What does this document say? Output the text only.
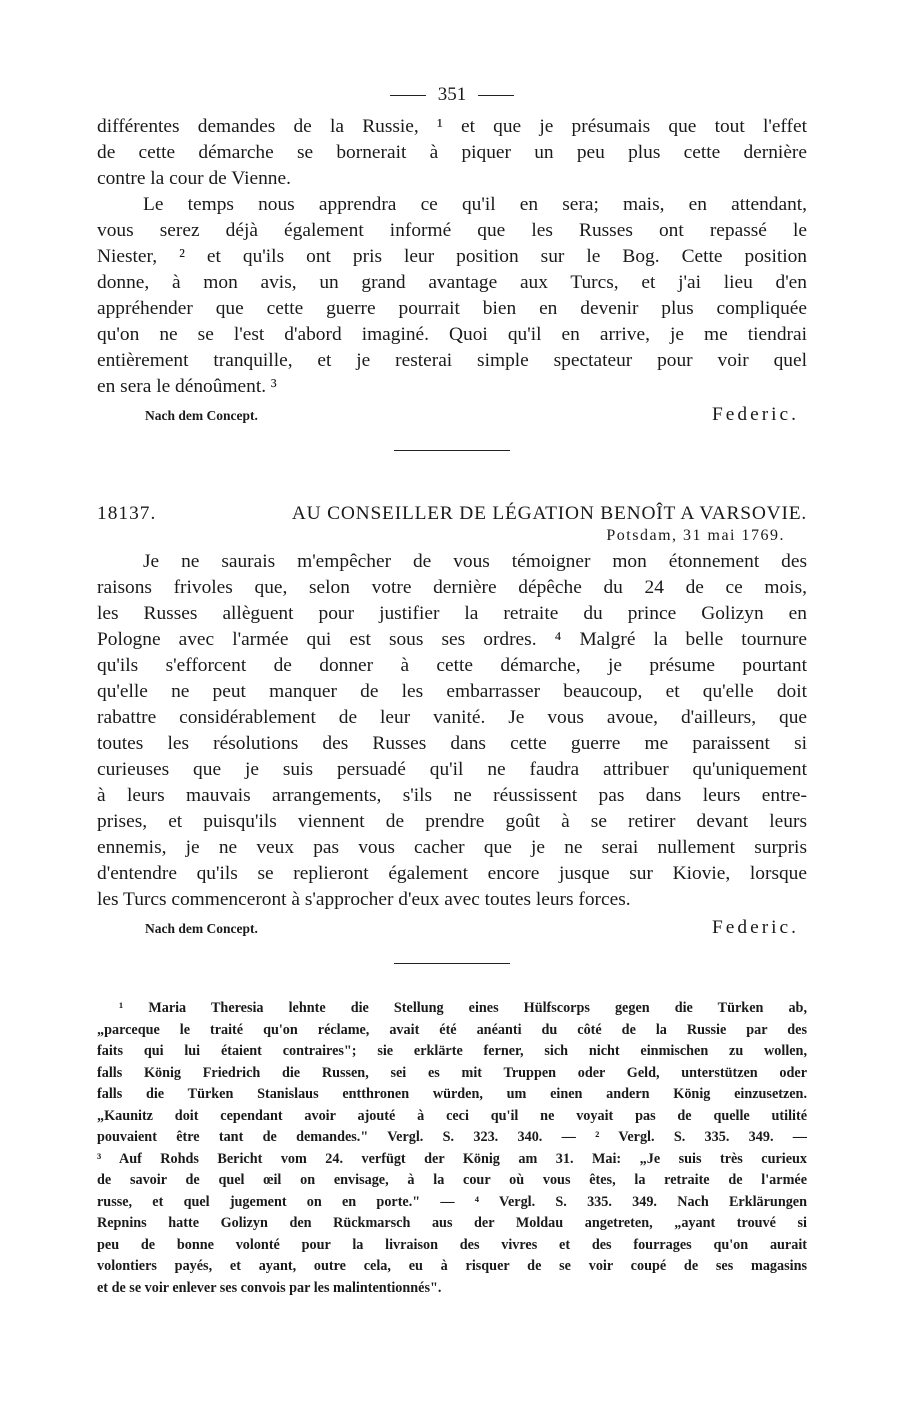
351
différentes demandes de la Russie, ¹ et que je présumais que tout l'effet
de cette démarche se bornerait à piquer un peu plus cette dernière
contre la cour de Vienne.
Le temps nous apprendra ce qu'il en sera; mais, en attendant,
vous serez déjà également informé que les Russes ont repassé le
Niester, ² et qu'ils ont pris leur position sur le Bog. Cette position
donne, à mon avis, un grand avantage aux Turcs, et j'ai lieu d'en
appréhender que cette guerre pourrait bien en devenir plus compliquée
qu'on ne se l'est d'abord imaginé. Quoi qu'il en arrive, je me tiendrai
entièrement tranquille, et je resterai simple spectateur pour voir quel
en sera le dénoûment. ³
Nach dem Concept.	Federic.
18137.	AU CONSEILLER DE LÉGATION BENOÎT A VARSOVIE.
Potsdam, 31 mai 1769.
Je ne saurais m'empêcher de vous témoigner mon étonnement des
raisons frivoles que, selon votre dernière dépêche du 24 de ce mois,
les Russes allèguent pour justifier la retraite du prince Golizyn en
Pologne avec l'armée qui est sous ses ordres. ⁴ Malgré la belle tournure
qu'ils s'efforcent de donner à cette démarche, je présume pourtant
qu'elle ne peut manquer de les embarrasser beaucoup, et qu'elle doit
rabattre considérablement de leur vanité. Je vous avoue, d'ailleurs, que
toutes les résolutions des Russes dans cette guerre me paraissent si
curieuses que je suis persuadé qu'il ne faudra attribuer qu'uniquement
à leurs mauvais arrangements, s'ils ne réussissent pas dans leurs entre-
prises, et puisqu'ils viennent de prendre goût à se retirer devant leurs
ennemis, je ne veux pas vous cacher que je ne serai nullement surpris
d'entendre qu'ils se replieront également encore jusque sur Kiovie, lorsque
les Turcs commenceront à s'approcher d'eux avec toutes leurs forces.
Nach dem Concept.	Federic.
¹ Maria Theresia lehnte die Stellung eines Hülfscorps gegen die Türken ab,
„parceque le traité qu'on réclame, avait été anéanti du côté de la Russie par des
faits qui lui étaient contraires"; sie erklärte ferner, sich nicht einmischen zu wollen,
falls König Friedrich die Russen, sei es mit Truppen oder Geld, unterstützen oder
falls die Türken Stanislaus entthronen würden, um einen andern König einzusetzen.
„Kaunitz doit cependant avoir ajouté à ceci qu'il ne voyait pas de quelle utilité
pouvaient être tant de demandes." Vergl. S. 323. 340. — ² Vergl. S. 335. 349. —
³ Auf Rohds Bericht vom 24. verfügt der König am 31. Mai: „Je suis très curieux
de savoir de quel œil on envisage, à la cour où vous êtes, la retraite de l'armée
russe, et quel jugement on en porte." — ⁴ Vergl. S. 335. 349. Nach Erklärungen
Repnins hatte Golizyn den Rückmarsch aus der Moldau angetreten, „ayant trouvé si
peu de bonne volonté pour la livraison des vivres et des fourrages qu'on aurait
volontiers payés, et ayant, outre cela, eu à risquer de se voir coupé de ses magasins
et de se voir enlever ses convois par les malintentionnés".
